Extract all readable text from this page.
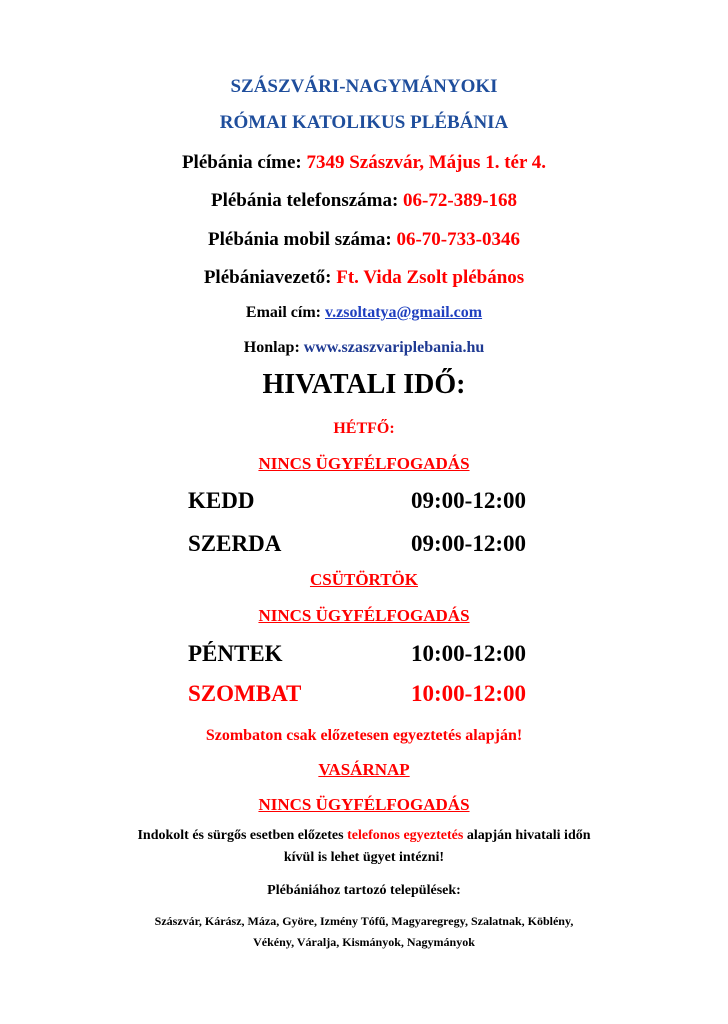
SZÁSZVÁRI-NAGYMÁNYOKI
RÓMAI KATOLIKUS PLÉBÁNIA
Plébánia címe: 7349 Szászvár, Május 1. tér 4.
Plébánia telefonszáma: 06-72-389-168
Plébánia mobil száma: 06-70-733-0346
Plébániavezető: Ft. Vida Zsolt plébános
Email cím: v.zsoltatya@gmail.com
Honlap: www.szaszvariplebania.hu
HIVATALI IDŐ:
HÉTFŐ:
NINCS ÜGYFÉLFOGADÁS
KEDD	09:00-12:00
SZERDA	09:00-12:00
CSÜTÖRTÖK
NINCS ÜGYFÉLFOGADÁS
PÉNTEK	10:00-12:00
SZOMBAT	10:00-12:00
Szombaton csak előzetesen egyeztetés alapján!
VASÁRNAP
NINCS ÜGYFÉLFOGADÁS
Indokolt és sürgős esetben előzetes telefonos egyeztetés alapján hivatali időn
kívül is lehet ügyet intézni!
Plébániához tartozó települések:
Szászvár, Kárász, Máza, Györe, Izmény Tófű, Magyaregregy, Szalatnak, Köblény,
Vékény, Váralja, Kismányok, Nagymányok
